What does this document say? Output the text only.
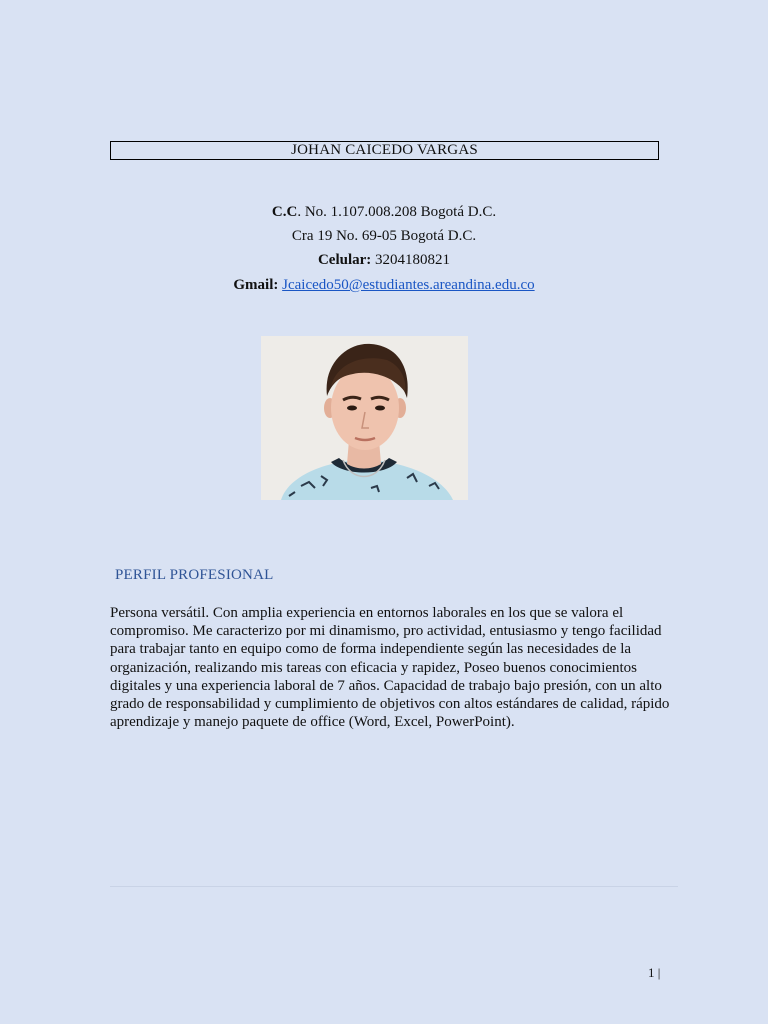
JOHAN CAICEDO VARGAS
C.C. No. 1.107.008.208 Bogotá D.C.
Cra 19 No. 69-05 Bogotá D.C.
Celular: 3204180821
Gmail: Jcaicedo50@estudiantes.areandina.edu.co
PERFIL PROFESIONAL
Persona versátil. Con amplia experiencia en entornos laborales en los que se valora el compromiso. Me caracterizo por mi dinamismo, pro actividad, entusiasmo y tengo facilidad para trabajar tanto en equipo como de forma independiente según las necesidades de la organización, realizando mis tareas con eficacia y rapidez, Poseo buenos conocimientos digitales y una experiencia laboral de 7 años. Capacidad de trabajo bajo presión, con un alto grado de responsabilidad y cumplimiento de objetivos con altos estándares de calidad, rápido aprendizaje y manejo paquete de office (Word, Excel, PowerPoint).
1 |
